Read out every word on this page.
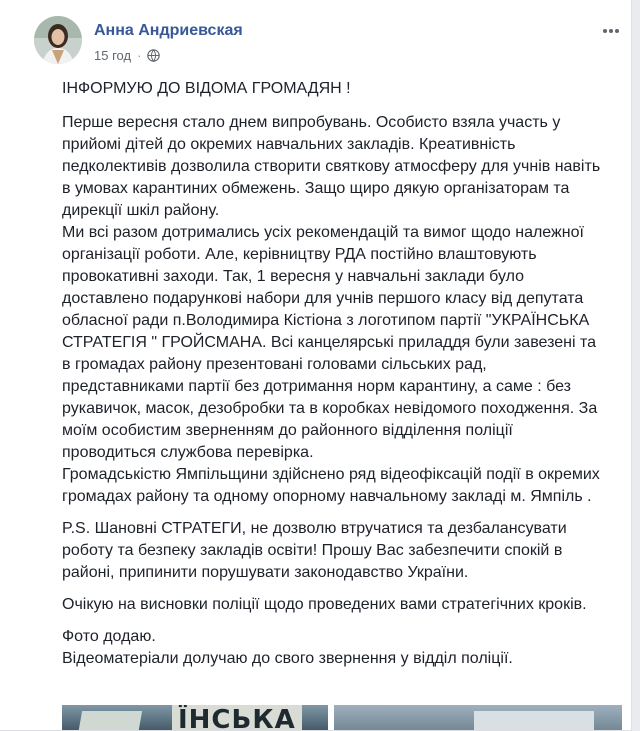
Анна Андриевская
15 год ·

ІНФОРМУЮ ДО ВІДОМА ГРОМАДЯН !

Перше вересня стало днем випробувань. Особисто взяла участь у
прийомі дітей до окремих навчальних закладів. Креативність
педколективів дозволила створити святкову атмосферу для учнів навіть
в умовах карантиних обмежень. Защо щиро дякую організаторам та
дирекції шкіл району.
Ми всі разом дотримались усіх рекомендацій та вимог щодо належної
організації роботи. Але, керівництву РДА постійно влаштовують
провокативні заходи. Так, 1 вересня у навчальні заклади було
доставлено подарункові набори для учнів першого класу від депутата
обласної ради п.Володимира Кістіона з логотипом партії "УКРАЇНСЬКА
СТРАТЕГІЯ " ГРОЙСМАНА. Всі канцелярські приладдя були завезені та
в громадах району презентовані головами сільських рад,
представниками партії без дотримання норм карантину, а саме : без
рукавичок, масок, дезобробки та в коробках невідомого походження. За
моїм особистим зверненням до районного відділення поліції
проводиться службова перевірка.
Громадськістю Ямпільщини здійснено ряд відеофіксацій події в окремих
громадах району та одному опорному навчальному закладі м. Ямпіль .

P.S. Шановні СТРАТЕГИ, не дозволю втручатися та дезбалансувати
роботу та безпеку закладів освіти! Прошу Вас забезпечити спокій в
районі, припинити порушувати законодавство України.

Очікую на висновки поліції щодо проведених вами стратегічних кроків.

Фото додаю.
Відеоматеріали долучаю до свого звернення у відділ поліції.

ЇНСЬКА
